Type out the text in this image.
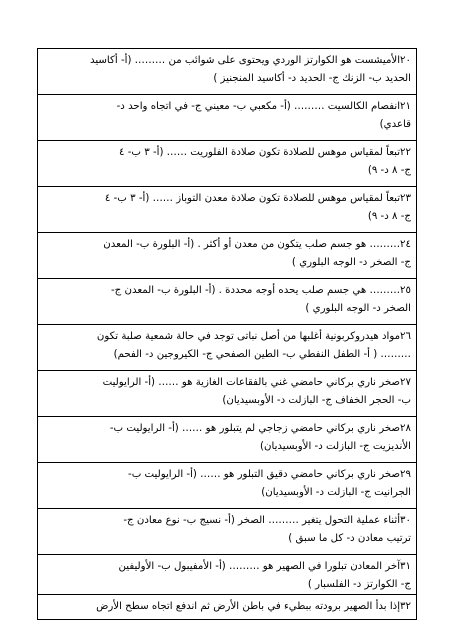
٢٠الأميشست هو الكوارتز الوردي ويحتوى على شوائب من ……… (أ- أكاسيد
الحديد ب- الزنك ج- الحديد د- أكاسيد المنجنيز )
٢١انفصام الكالسيت ……… (أ- مكعبي ب- معيني ج- في اتجاه واحد د-
قاعدي)
٢٢تبعاً لمقياس موهس للصلادة تكون صلادة الفلوريت …… (أ- ٣ ب- ٤
ج- ٨ د- ٩)
٢٣تبعاً لمقياس موهس للصلادة تكون صلادة معدن التوباز …… (أ- ٣ ب- ٤
ج- ٨ د- ٩)
٢٤……… هو جسم صلب يتكون من معدن أو أكثر . (أ- البلورة ب- المعدن
ج- الصخر د- الوجه البلوري )
٢٥……… هي جسم صلب يحده أوجه محددة . (أ- البلورة ب- المعدن ج-
الصخر د- الوجه البلوري )
٢٦مواد هيدروكربونية أغلبها من أصل نباتى توجد في حالة شمعية صلبة تكون
……… ( أ- الطفل النفطي ب- الطين الصفحي ج- الكيروجين د- الفحم)
٢٧صخر ناري بركاني حامضي غني بالفقاعات الغازية هو …… (أ- الرايوليت
ب- الحجر الخفاف ج- البازلت د- الأوبسيديان)
٢٨صخر ناري بركاني حامضي زجاجي لم يتبلور هو …… (أ- الرايوليت ب-
الأنديزيت ج- البازلت د- الأوبسيديان)
٢٩صخر ناري بركاني حامضي دقيق التبلور هو …… (أ- الرايوليت ب-
الجرانيت ج- البازلت د- الأوبسيديان)
٣٠أثناء عملية التحول يتغير ……… الصخر (أ- نسيج ب- نوع معادن ج-
ترتيب معادن د- كل ما سبق )
٣١آخر المعادن تبلورا في الصهير هو ……… (أ- الأمفيبول ب- الأوليفين
ج- الكوارتز د- الفلسبار )
٣٢إذا بدأ الصهير برودته ببطيء في باطن الأرض ثم اندفع اتجاه سطح الأرض
